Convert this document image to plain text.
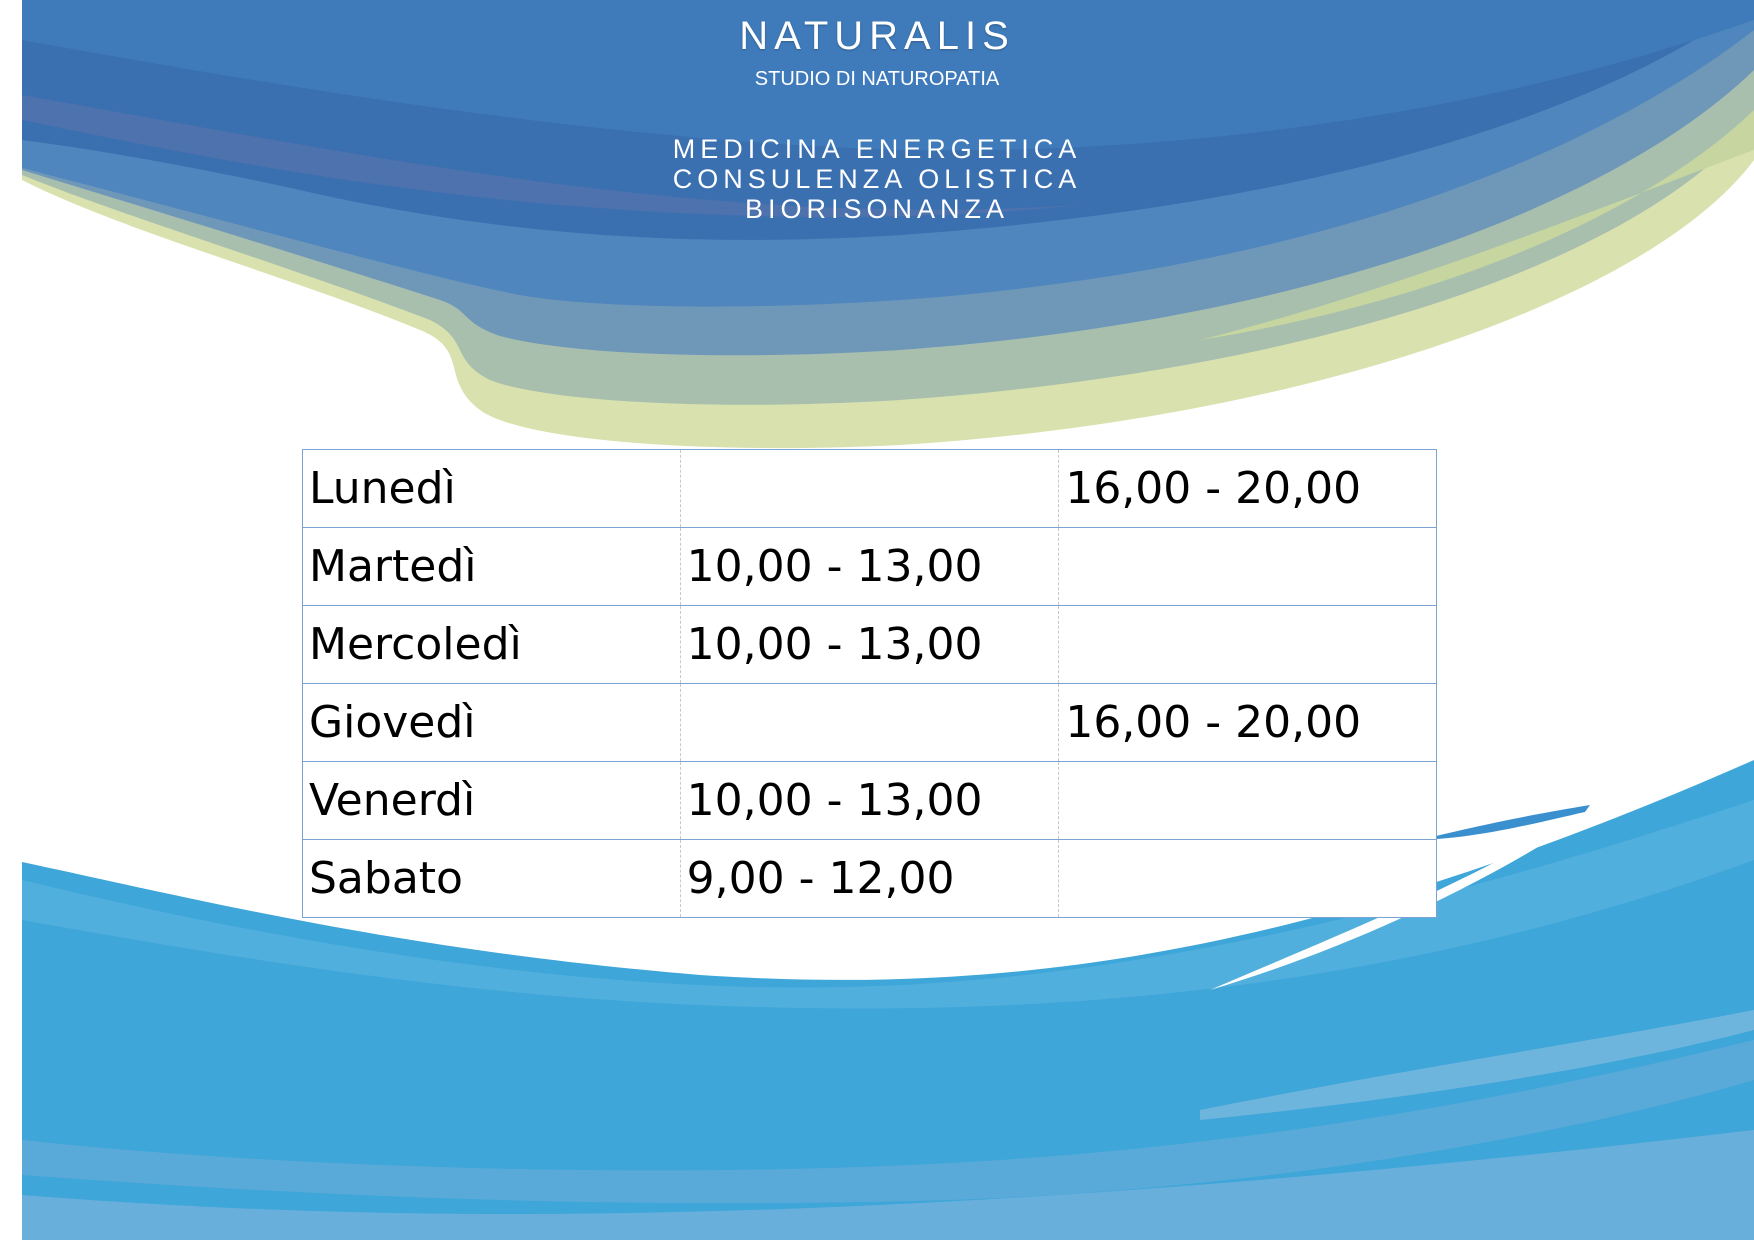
NATURALIS
STUDIO DI NATUROPATIA
MEDICINA ENERGETICA
CONSULENZA OLISTICA
BIORISONANZA
Lunedì		16,00 - 20,00
Martedì	10,00 - 13,00	
Mercoledì	10,00 - 13,00	
Giovedì		16,00 - 20,00
Venerdì	10,00 - 13,00	
Sabato	9,00 - 12,00	
